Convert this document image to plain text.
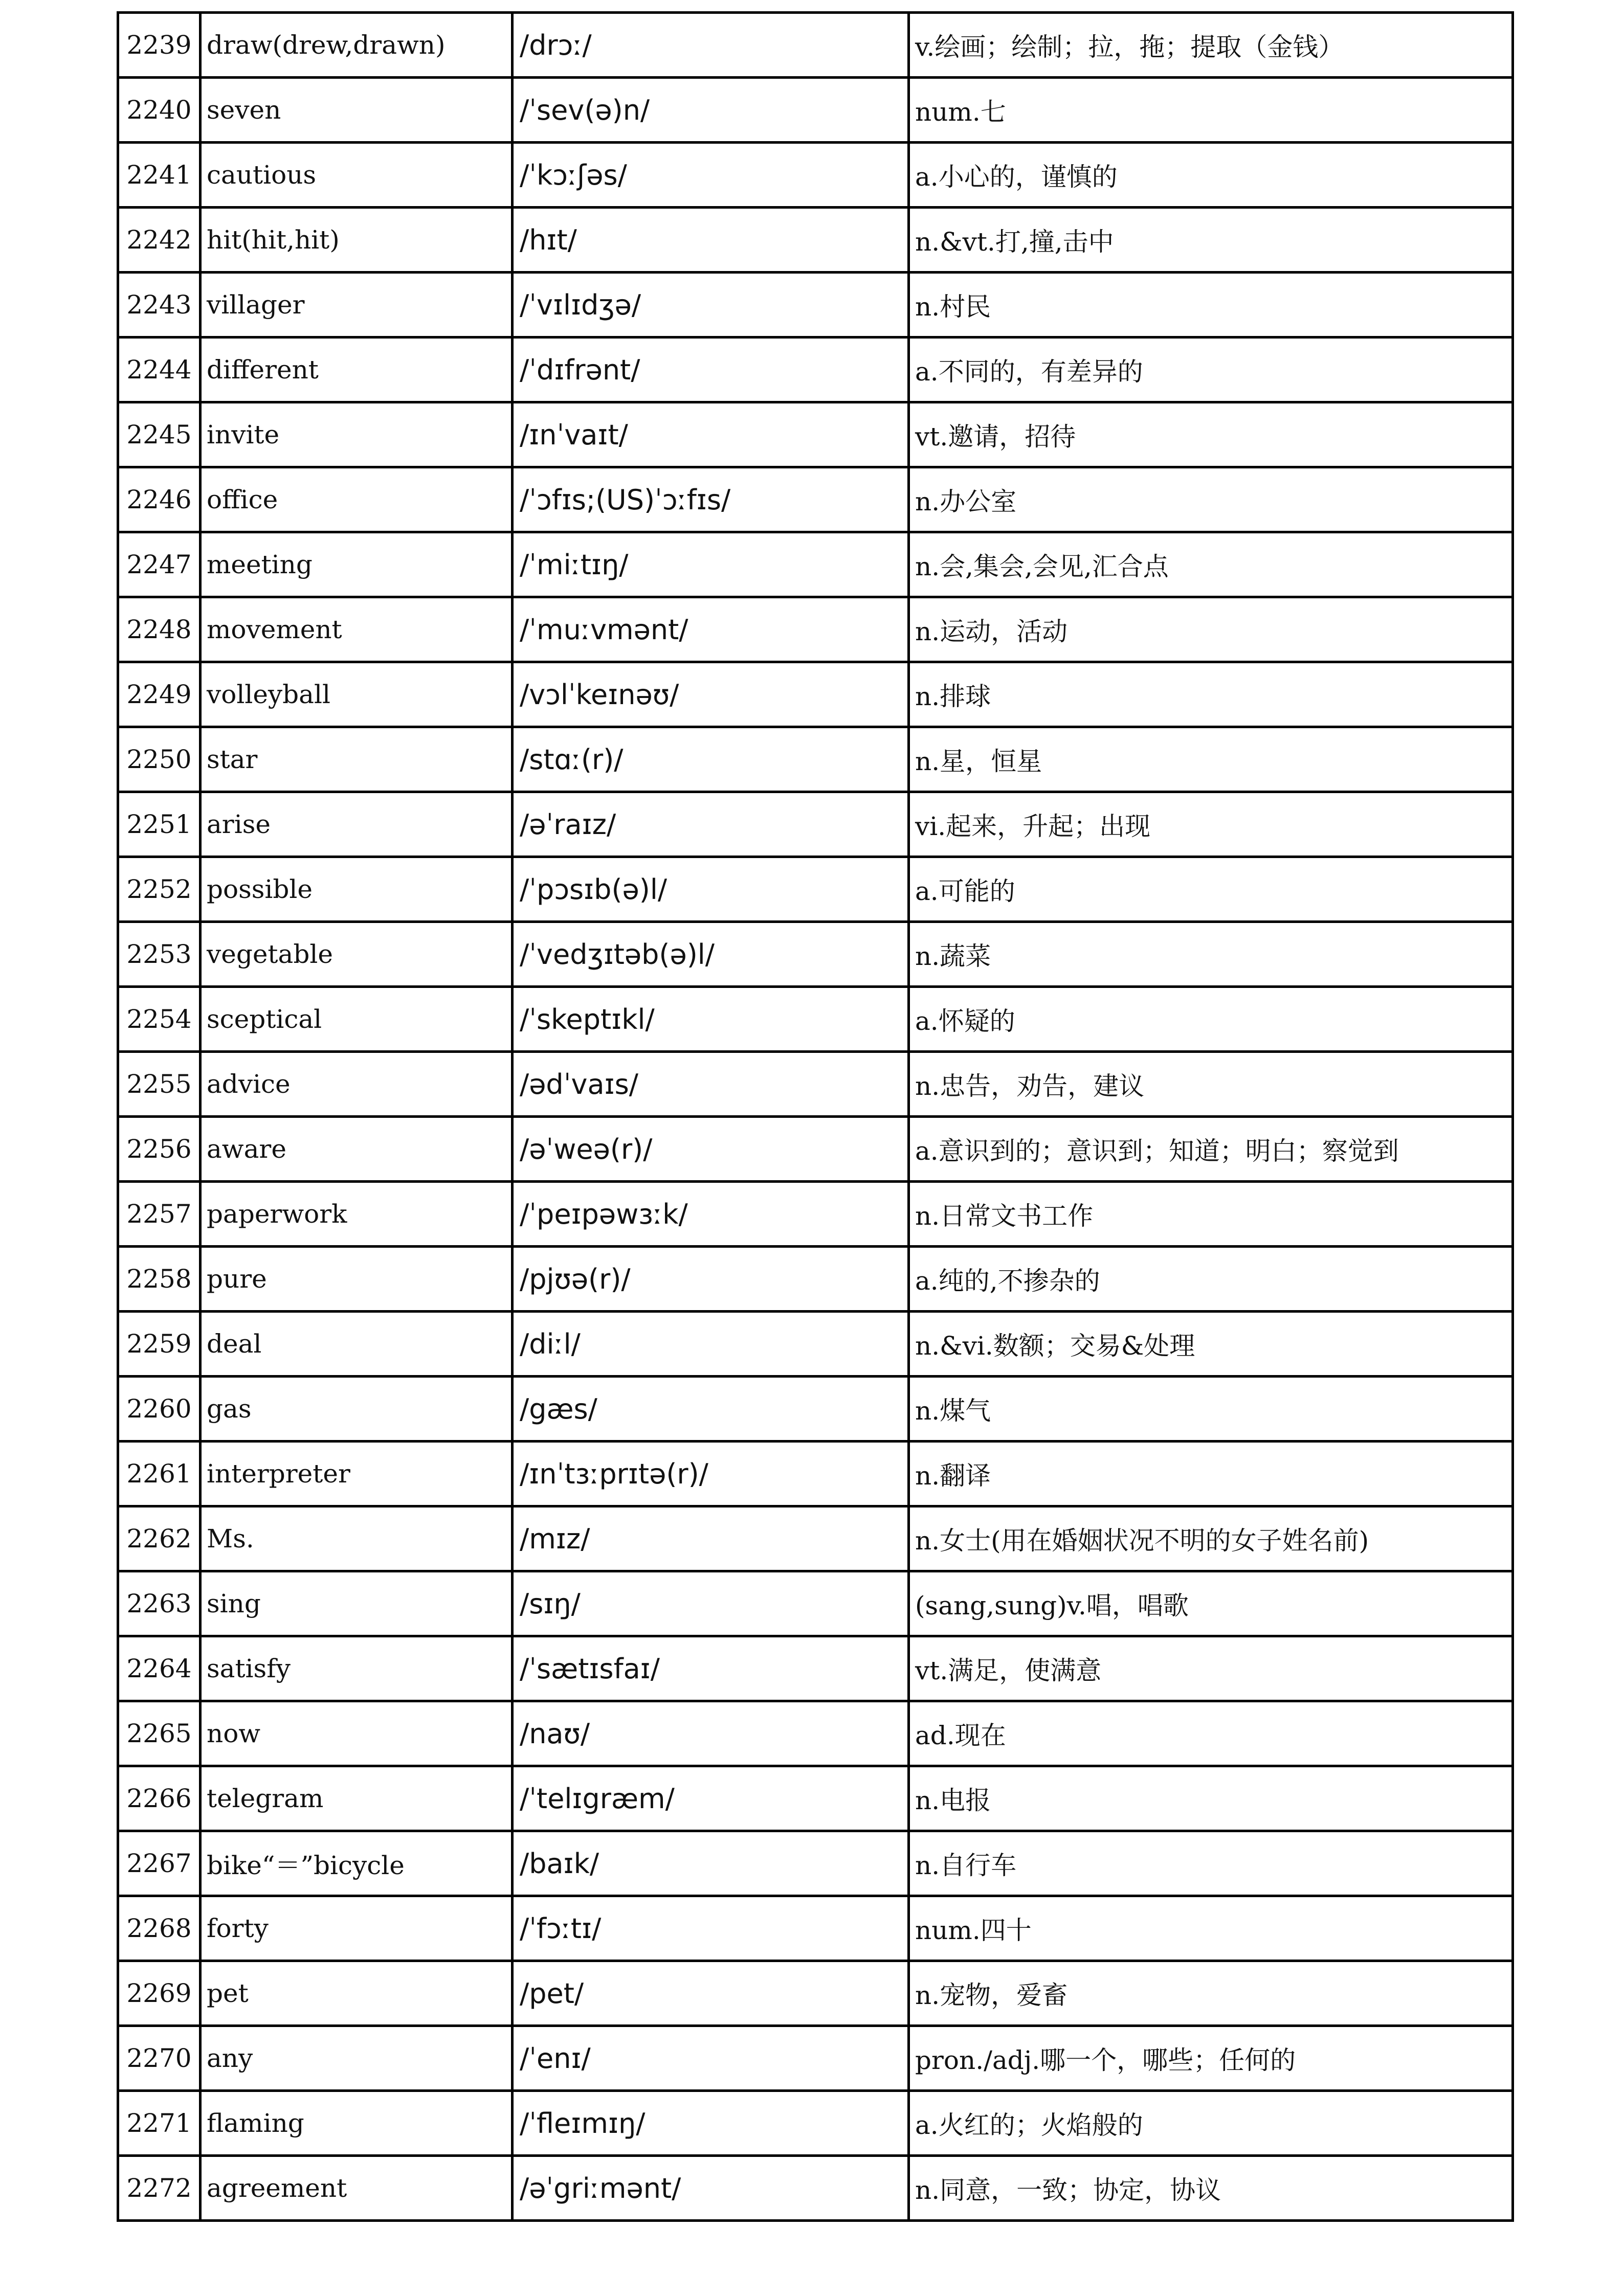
2239	draw(drew,drawn)	/drɔː/	v.绘画；绘制；拉，拖；提取（金钱）
2240	seven	/ˈsev(ə)n/	num.七
2241	cautious	/ˈkɔːʃəs/	a.小心的，谨慎的
2242	hit(hit,hit)	/hɪt/	n.&vt.打,撞,击中
2243	villager	/ˈvɪlɪdʒə/	n.村民
2244	different	/ˈdɪfrənt/	a.不同的，有差异的
2245	invite	/ɪnˈvaɪt/	vt.邀请，招待
2246	office	/ˈɔfɪs;(US)ˈɔːfɪs/	n.办公室
2247	meeting	/ˈmiːtɪŋ/	n.会,集会,会见,汇合点
2248	movement	/ˈmuːvmənt/	n.运动，活动
2249	volleyball	/vɔlˈkeɪnəʊ/	n.排球
2250	star	/stɑː(r)/	n.星，恒星
2251	arise	/əˈraɪz/	vi.起来，升起；出现
2252	possible	/ˈpɔsɪb(ə)l/	a.可能的
2253	vegetable	/ˈvedʒɪtəb(ə)l/	n.蔬菜
2254	sceptical	/ˈskeptɪkl/	a.怀疑的
2255	advice	/ədˈvaɪs/	n.忠告，劝告，建议
2256	aware	/əˈweə(r)/	a.意识到的；意识到；知道；明白；察觉到
2257	paperwork	/ˈpeɪpəwɜːk/	n.日常文书工作
2258	pure	/pjʊə(r)/	a.纯的,不掺杂的
2259	deal	/diːl/	n.&vi.数额；交易&处理
2260	gas	/gæs/	n.煤气
2261	interpreter	/ɪnˈtɜːprɪtə(r)/	n.翻译
2262	Ms.	/mɪz/	n.女士(用在婚姻状况不明的女子姓名前)
2263	sing	/sɪŋ/	(sang,sung)v.唱，唱歌
2264	satisfy	/ˈsætɪsfaɪ/	vt.满足，使满意
2265	now	/naʊ/	ad.现在
2266	telegram	/ˈtelɪgræm/	n.电报
2267	bike“＝”bicycle	/baɪk/	n.自行车
2268	forty	/ˈfɔːtɪ/	num.四十
2269	pet	/pet/	n.宠物，爱畜
2270	any	/ˈenɪ/	pron./adj.哪一个，哪些；任何的
2271	flaming	/ˈfleɪmɪŋ/	a.火红的；火焰般的
2272	agreement	/əˈgriːmənt/	n.同意，一致；协定，协议
